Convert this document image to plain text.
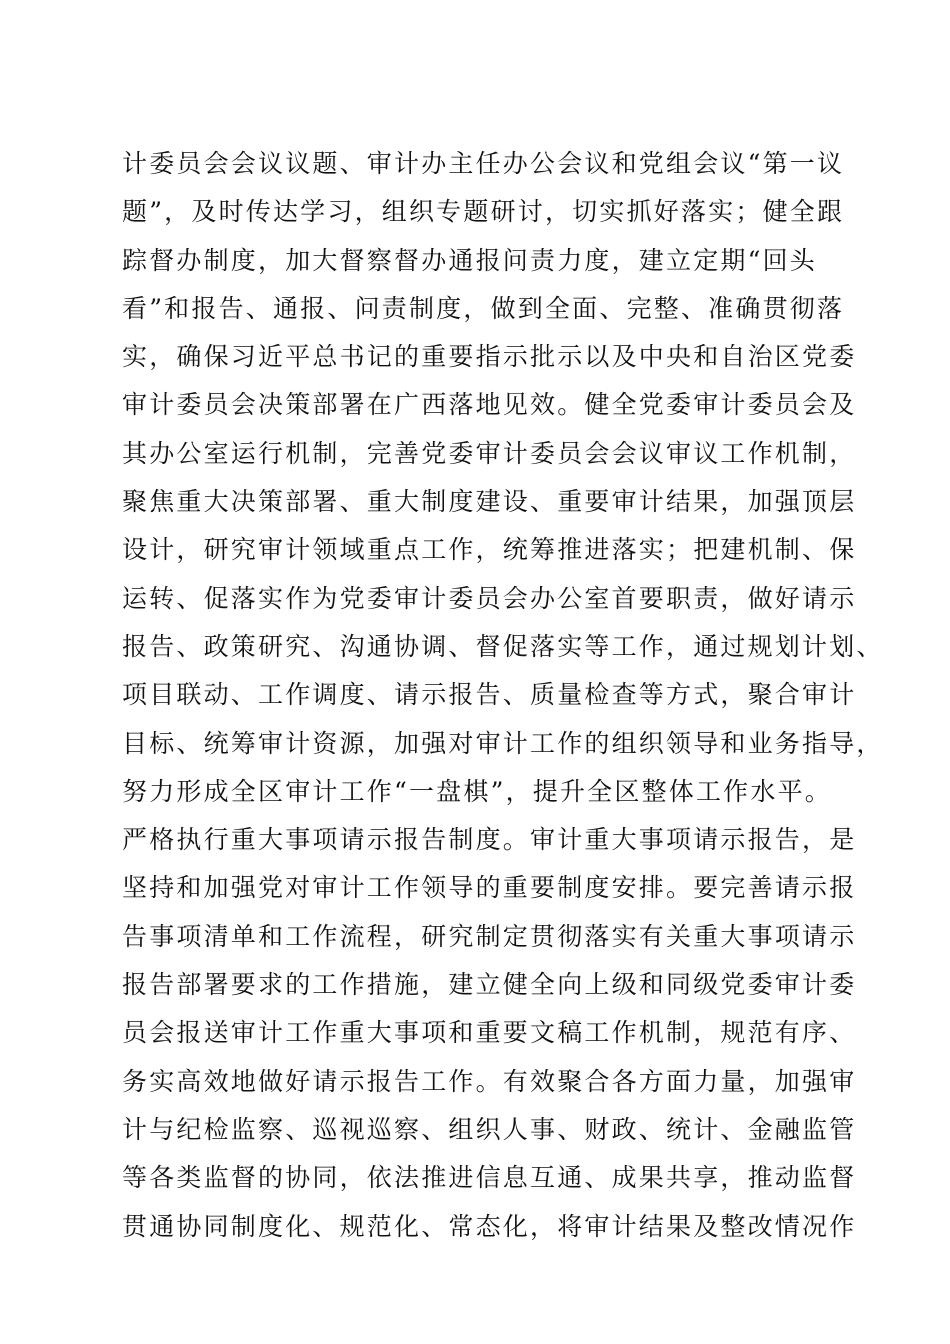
计委员会会议议题、审计办主任办公会议和党组会议“第一议
题”，及时传达学习，组织专题研讨，切实抓好落实；健全跟
踪督办制度，加大督察督办通报问责力度，建立定期“回头
看”和报告、通报、问责制度，做到全面、完整、准确贯彻落
实，确保习近平总书记的重要指示批示以及中央和自治区党委
审计委员会决策部署在广西落地见效。健全党委审计委员会及
其办公室运行机制，完善党委审计委员会会议审议工作机制，
聚焦重大决策部署、重大制度建设、重要审计结果，加强顶层
设计，研究审计领域重点工作，统筹推进落实；把建机制、保
运转、促落实作为党委审计委员会办公室首要职责，做好请示
报告、政策研究、沟通协调、督促落实等工作，通过规划计划、
项目联动、工作调度、请示报告、质量检查等方式，聚合审计
目标、统筹审计资源，加强对审计工作的组织领导和业务指导，
努力形成全区审计工作“一盘棋”，提升全区整体工作水平。
严格执行重大事项请示报告制度。审计重大事项请示报告，是
坚持和加强党对审计工作领导的重要制度安排。要完善请示报
告事项清单和工作流程，研究制定贯彻落实有关重大事项请示
报告部署要求的工作措施，建立健全向上级和同级党委审计委
员会报送审计工作重大事项和重要文稿工作机制，规范有序、
务实高效地做好请示报告工作。有效聚合各方面力量，加强审
计与纪检监察、巡视巡察、组织人事、财政、统计、金融监管
等各类监督的协同，依法推进信息互通、成果共享，推动监督
贯通协同制度化、规范化、常态化，将审计结果及整改情况作
